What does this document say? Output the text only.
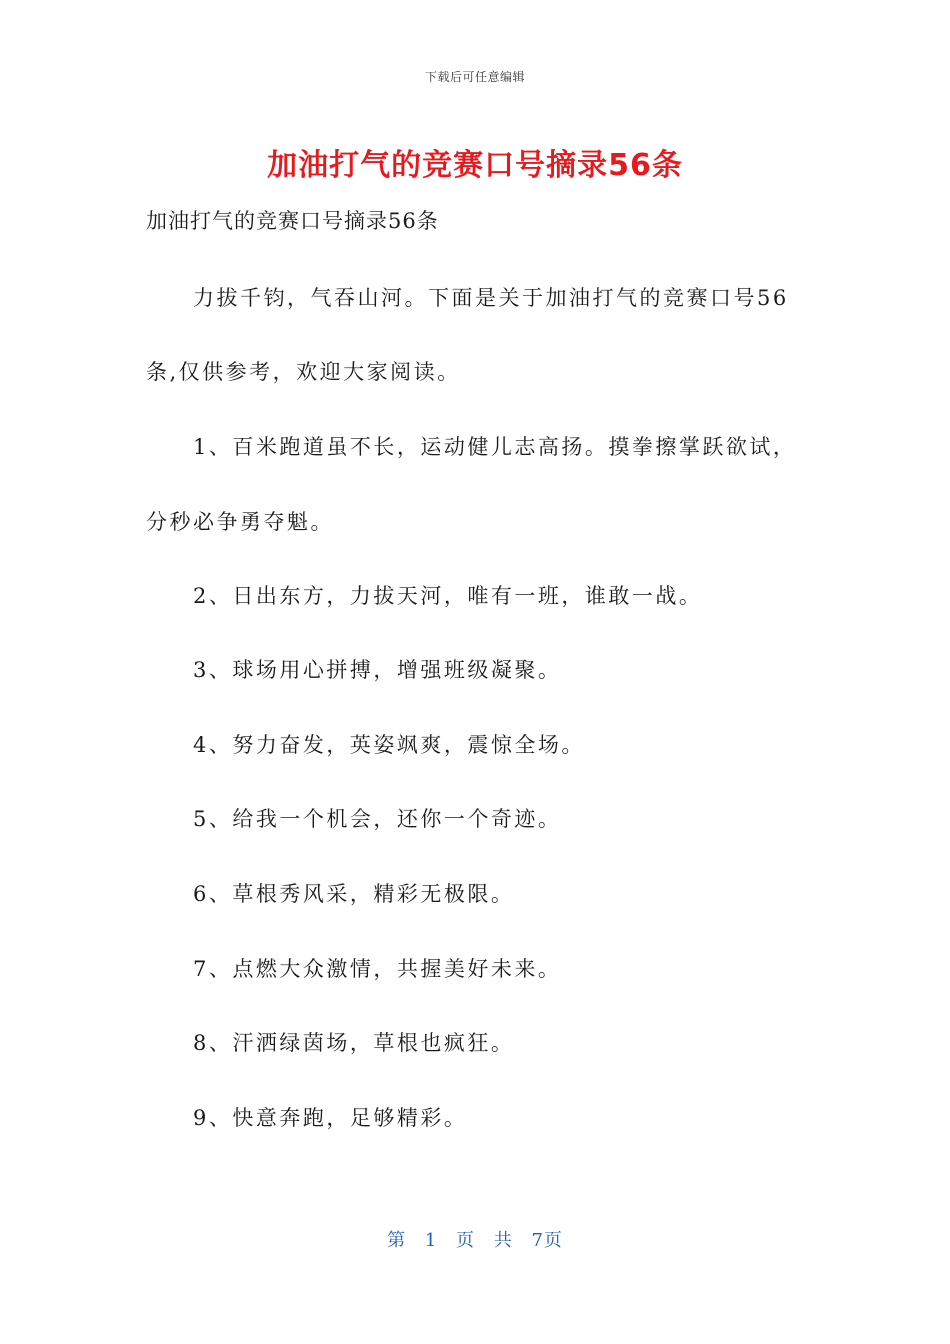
下载后可任意编辑
加油打气的竞赛口号摘录56条
加油打气的竞赛口号摘录56条
力拔千钧，气吞山河。下面是关于加油打气的竞赛口号56
条,仅供参考，欢迎大家阅读。
1、百米跑道虽不长，运动健儿志高扬。摸拳擦掌跃欲试，
分秒必争勇夺魁。
2、日出东方，力拔天河，唯有一班，谁敢一战。
3、球场用心拼搏，增强班级凝聚。
4、努力奋发，英姿飒爽，震惊全场。
5、给我一个机会，还你一个奇迹。
6、草根秀风采，精彩无极限。
7、点燃大众激情，共握美好未来。
8、汗洒绿茵场，草根也疯狂。
9、快意奔跑，足够精彩。
第 1 页 共 7页
